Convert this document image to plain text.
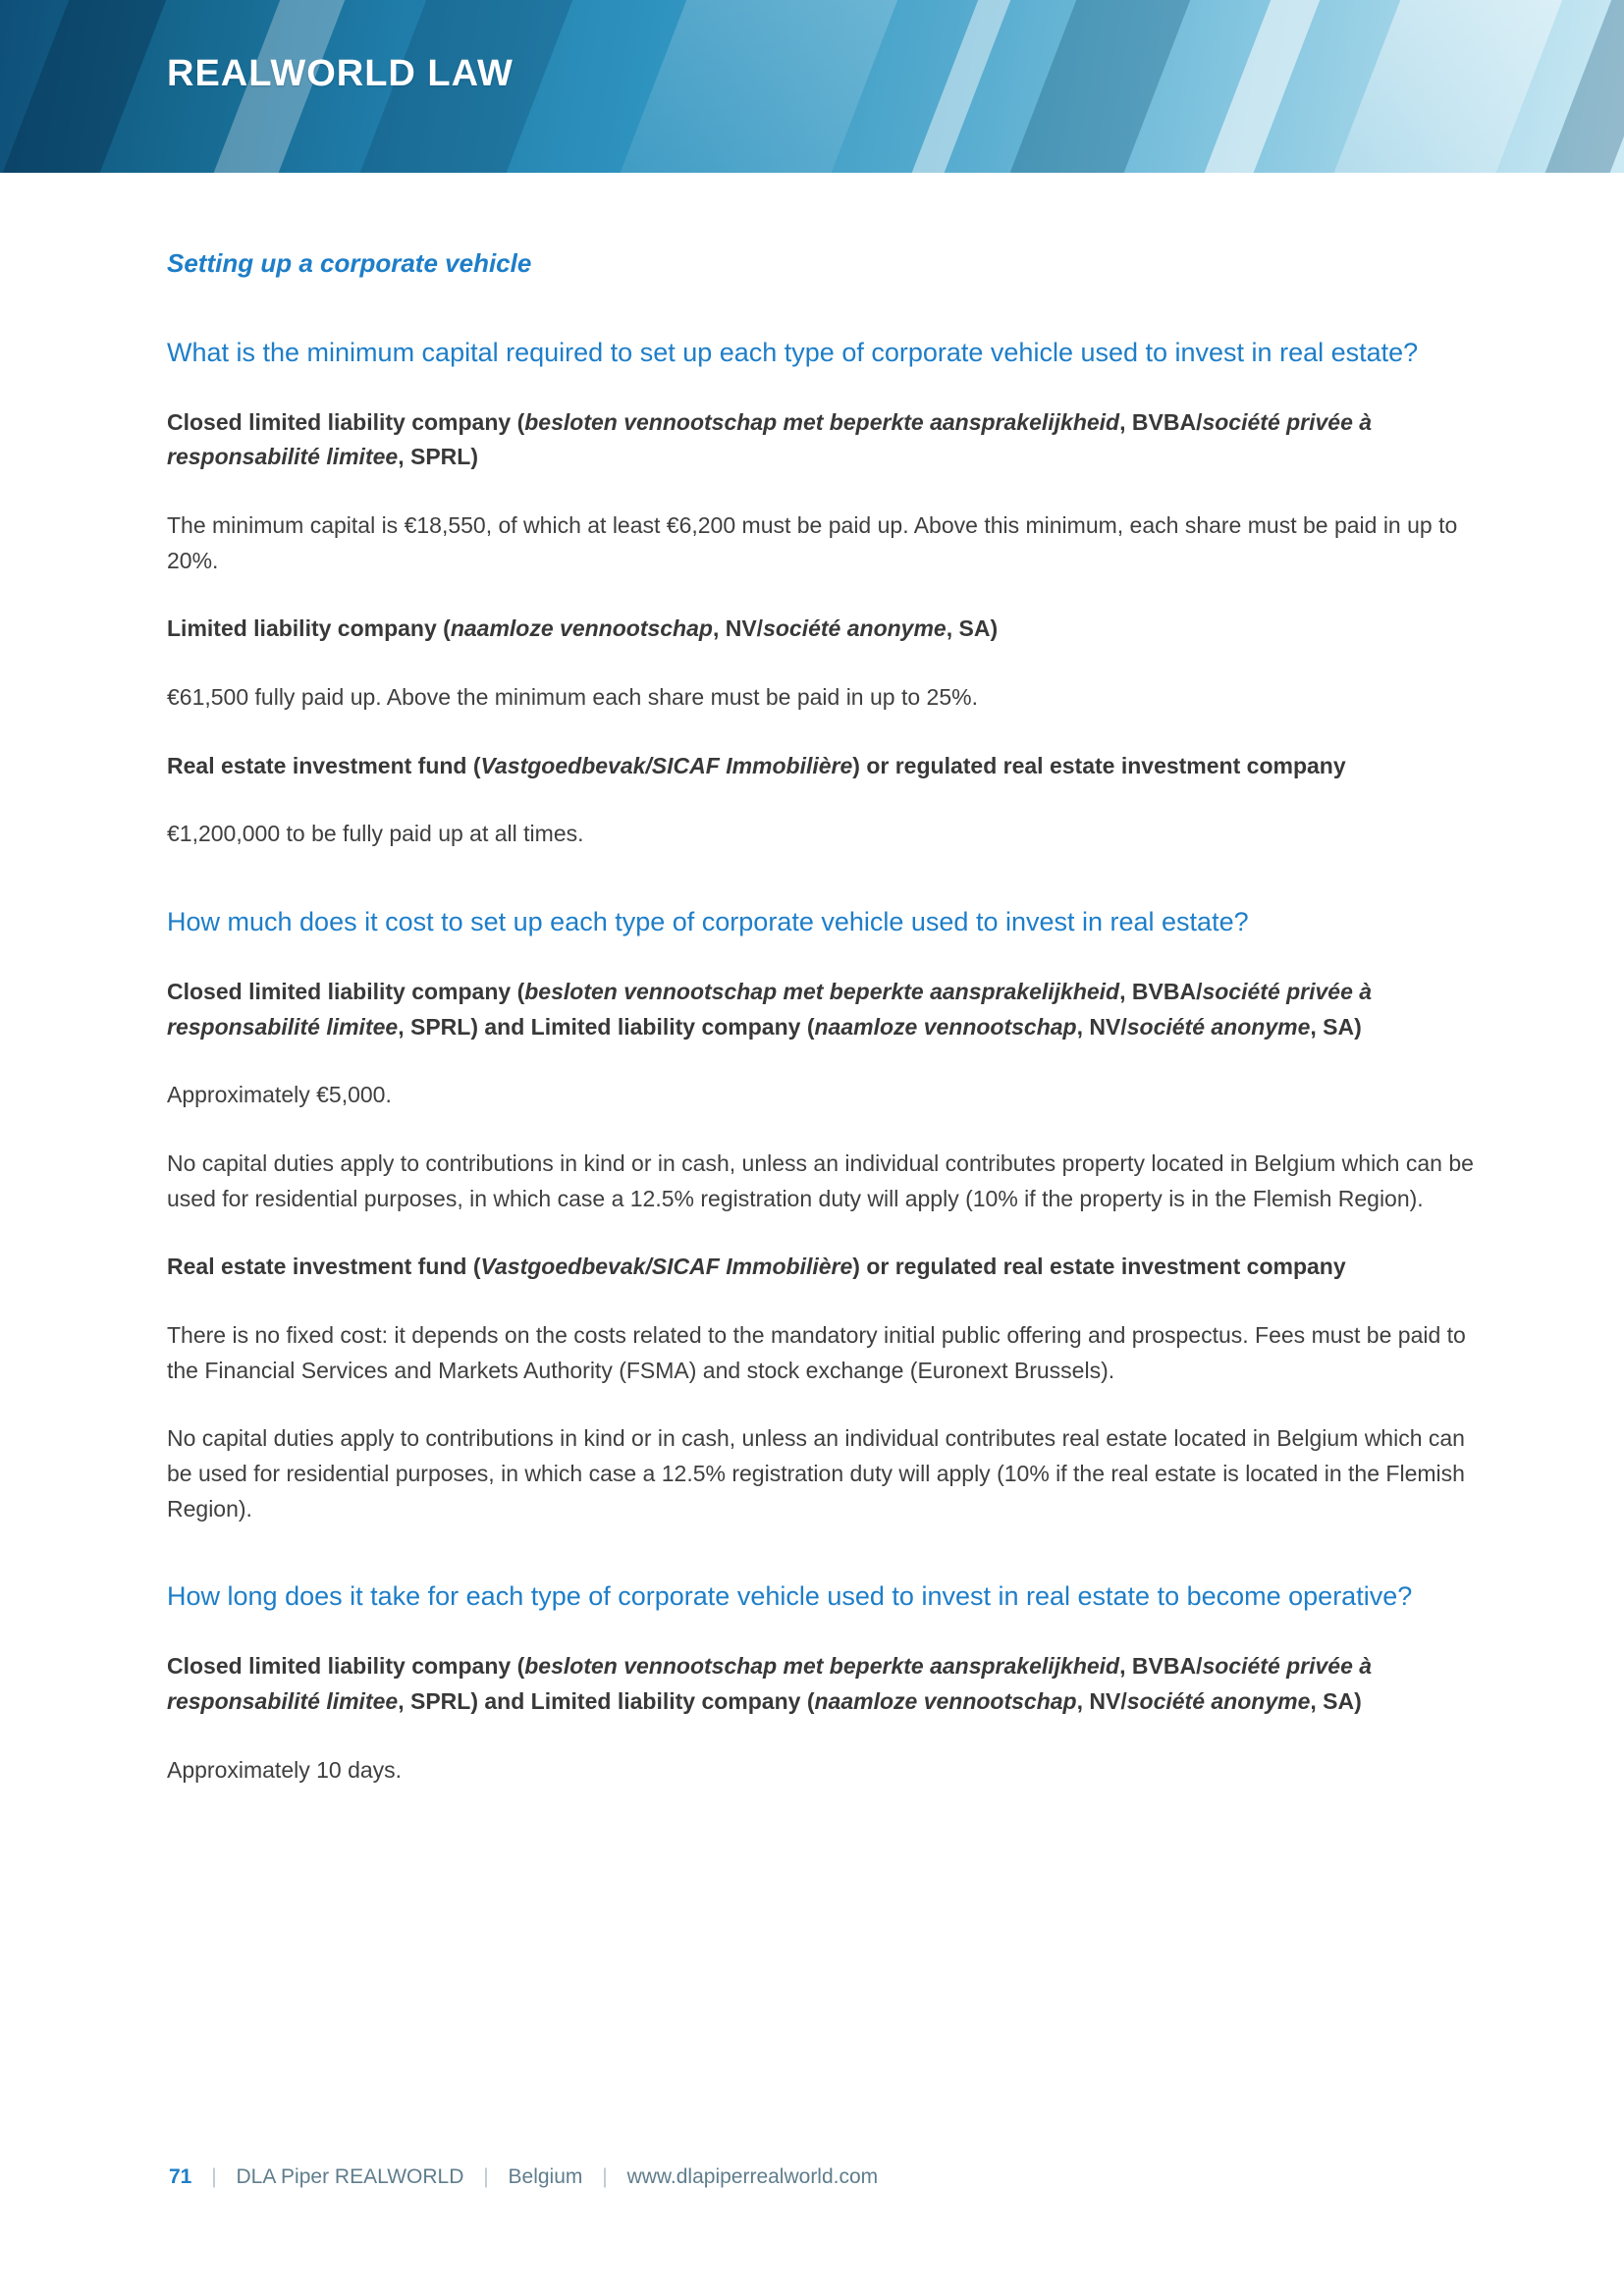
REALWORLD LAW
Setting up a corporate vehicle
What is the minimum capital required to set up each type of corporate vehicle used to invest in real estate?
Closed limited liability company (besloten vennootschap met beperkte aansprakelijkheid, BVBA/société privée à responsabilité limitee, SPRL)
The minimum capital is €18,550, of which at least €6,200 must be paid up. Above this minimum, each share must be paid in up to 20%.
Limited liability company (naamloze vennootschap, NV/société anonyme, SA)
€61,500 fully paid up. Above the minimum each share must be paid in up to 25%.
Real estate investment fund (Vastgoedbevak/SICAF Immobilière) or regulated real estate investment company
€1,200,000 to be fully paid up at all times.
How much does it cost to set up each type of corporate vehicle used to invest in real estate?
Closed limited liability company (besloten vennootschap met beperkte aansprakelijkheid, BVBA/société privée à responsabilité limitee, SPRL) and Limited liability company (naamloze vennootschap, NV/société anonyme, SA)
Approximately €5,000.
No capital duties apply to contributions in kind or in cash, unless an individual contributes property located in Belgium which can be used for residential purposes, in which case a 12.5% registration duty will apply (10% if the property is in the Flemish Region).
Real estate investment fund (Vastgoedbevak/SICAF Immobilière) or regulated real estate investment company
There is no fixed cost: it depends on the costs related to the mandatory initial public offering and prospectus. Fees must be paid to the Financial Services and Markets Authority (FSMA) and stock exchange (Euronext Brussels).
No capital duties apply to contributions in kind or in cash, unless an individual contributes real estate located in Belgium which can be used for residential purposes, in which case a 12.5% registration duty will apply (10% if the real estate is located in the Flemish Region).
How long does it take for each type of corporate vehicle used to invest in real estate to become operative?
Closed limited liability company (besloten vennootschap met beperkte aansprakelijkheid, BVBA/société privée à responsabilité limitee, SPRL) and Limited liability company (naamloze vennootschap, NV/société anonyme, SA)
Approximately 10 days.
71 | DLA Piper REALWORLD | Belgium | www.dlapiperrealworld.com
